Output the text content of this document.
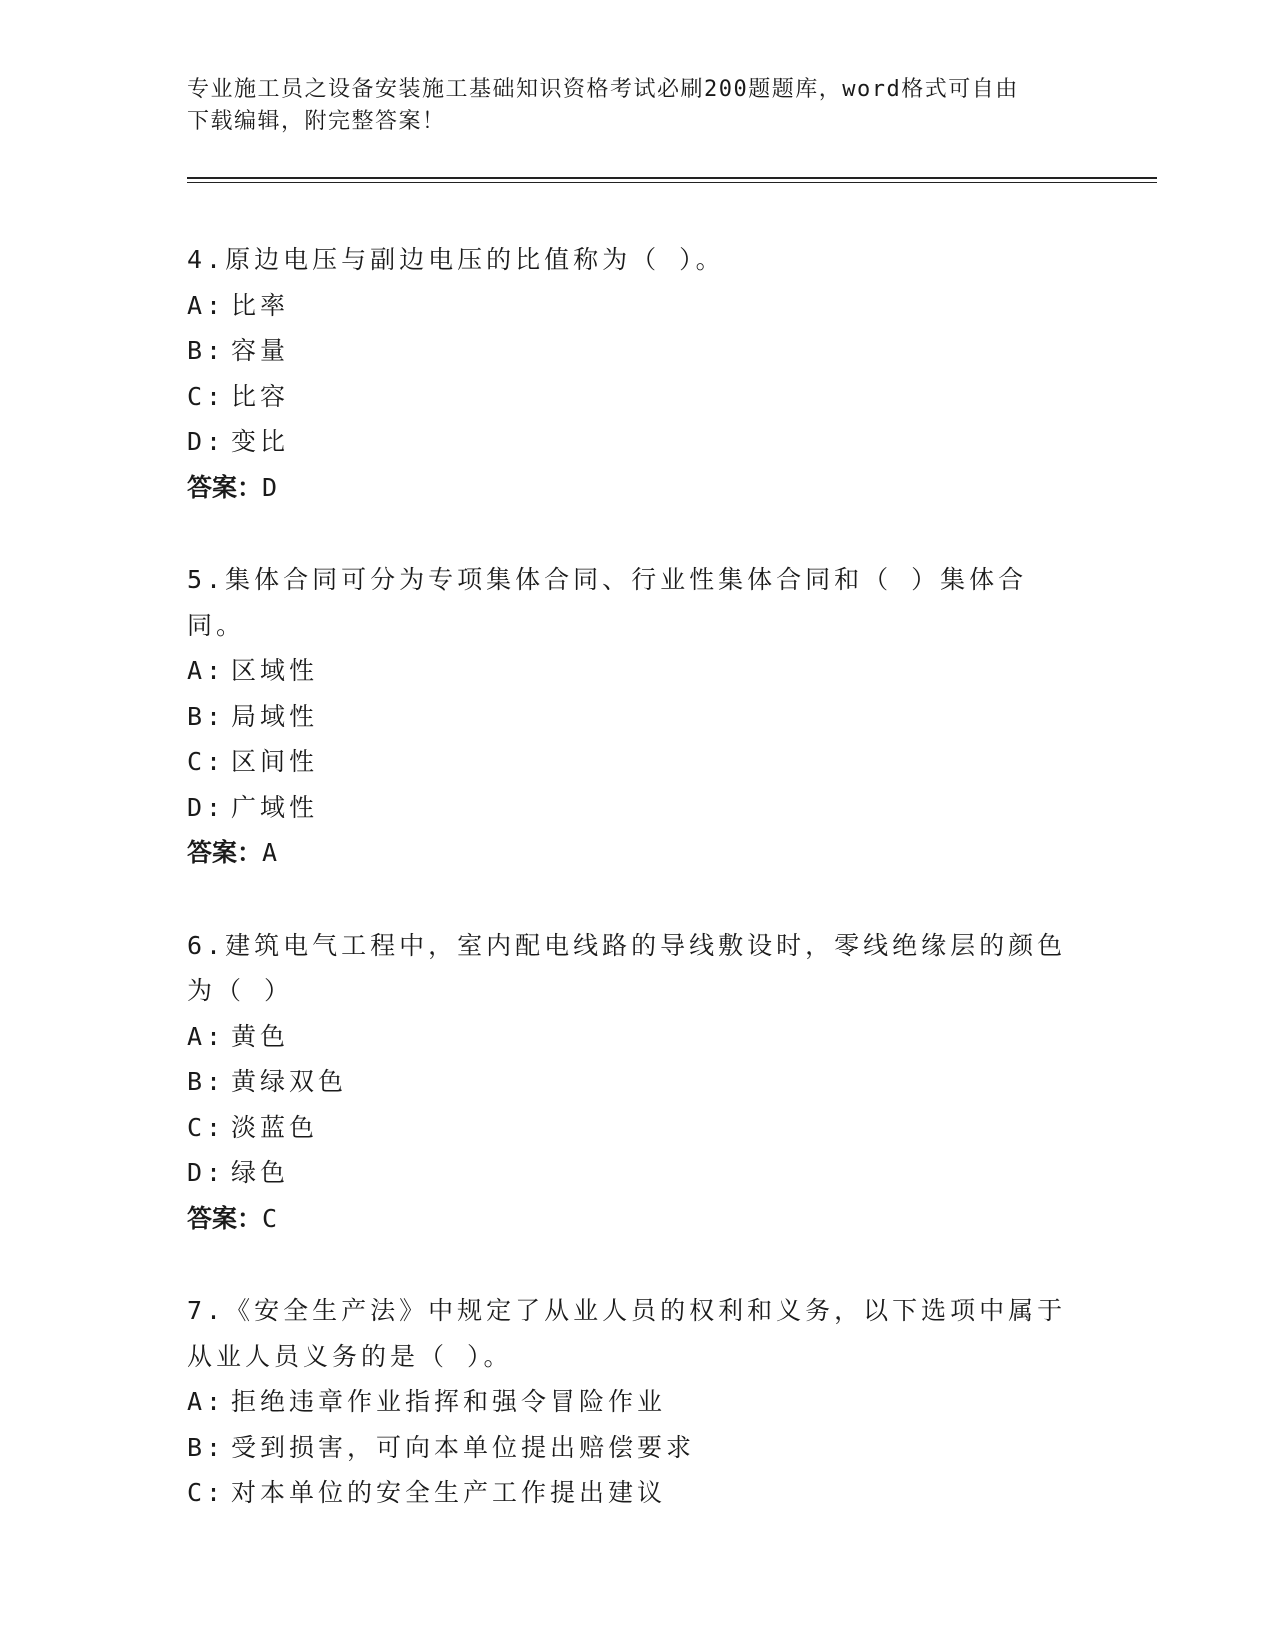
专业施工员之设备安装施工基础知识资格考试必刷200题题库，word格式可自由
下载编辑，附完整答案！

4.原边电压与副边电压的比值称为（ ）。

A: 比率

B: 容量

C: 比容

D: 变比

答案：D

5.集体合同可分为专项集体合同、行业性集体合同和（ ）集体合同。

A: 区域性

B: 局域性

C: 区间性

D: 广域性

答案：A

6.建筑电气工程中，室内配电线路的导线敷设时，零线绝缘层的颜色

为（ ）

A: 黄色

B: 黄绿双色

C: 淡蓝色

D: 绿色

答案：C

7.《安全生产法》中规定了从业人员的权利和义务，以下选项中属于

从业人员义务的是（ ）。

A: 拒绝违章作业指挥和强令冒险作业

B: 受到损害，可向本单位提出赔偿要求

C: 对本单位的安全生产工作提出建议
